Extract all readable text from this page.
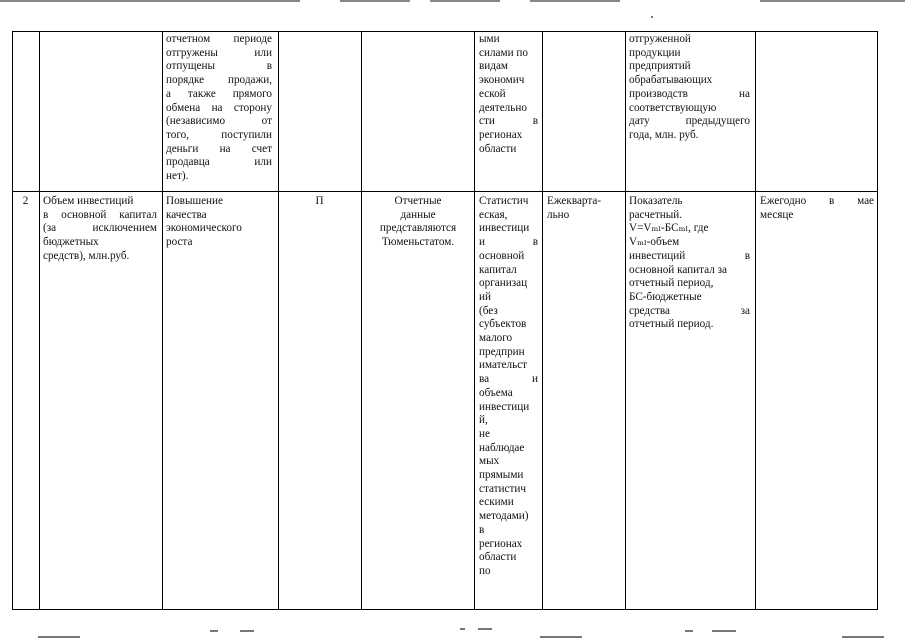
отчетном периоде
отгружены или
отпущены в
порядке продажи,
а также прямого
обмена на сторону
(независимо от
того, поступили
деньги на счет
продавца или
нет).
ыми
силами по
видам
экономич
еской
деятельно
сти в
регионах
области
отгруженной
продукции
предприятий
обрабатывающих
производств на
соответствующую
дату предыдущего
года, млн. руб.
2	Объем инвестиций
в основной капитал
(за исключением
бюджетных
средств), млн.руб.
Повышение
качества
экономического
роста
П	Отчетные
данные
представляются
Тюменьстатом.
Статистич
еская,
инвестици
и в
основной
капитал
организац
ий
(без
субъектов
малого
предприн
имательст
ва и
объема
инвестици
й,
не
наблюдае
мых
прямыми
статистич
ескими
методами)
в
регионах
области
по
Ежекварта-
льно
Показатель
расчетный.
V=Vₘₗ-БСₘₗ, где
Vₘₗ-объем
инвестиций в
основной капитал за
отчетный период,
БС-бюджетные
средства за
отчетный период.
Ежегодно в мае
месяце
